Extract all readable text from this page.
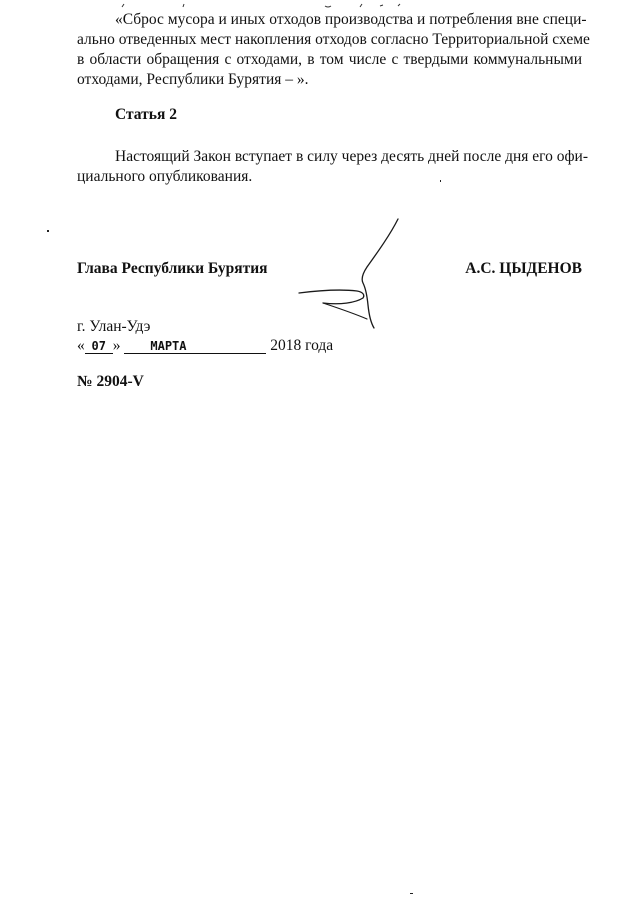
«Сброс мусора и иных отходов производства и потребления вне специ-
ально отведенных мест накопления отходов согласно Территориальной схеме
в области обращения с отходами, в том числе с твердыми коммунальными
отходами, Республики Бурятия – ».

Статья 2

Настоящий Закон вступает в силу через десять дней после дня его офи-
циального опубликования.

Глава Республики Бурятия	А.С. ЦЫДЕНОВ
г. Улан-Удэ
« 07 » МАРТА	2018 года
№ 2904-V
